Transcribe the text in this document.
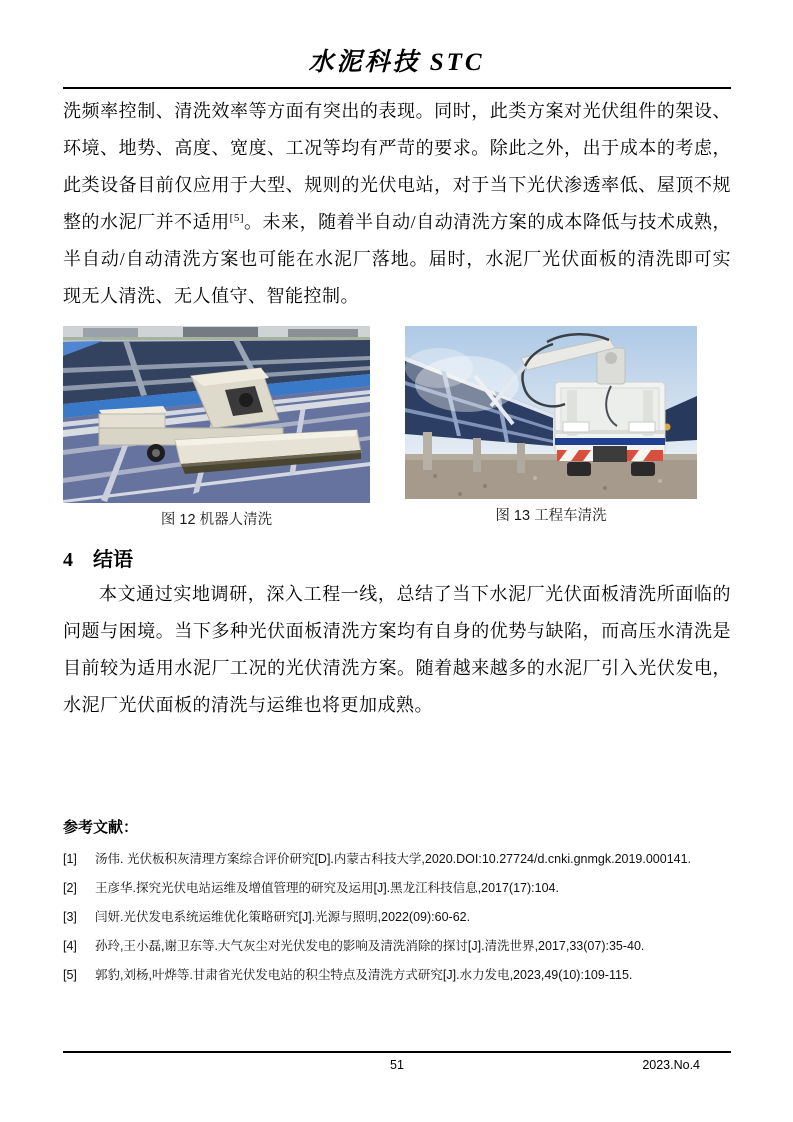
水泥科技 STC

洗频率控制、清洗效率等方面有突出的表现。同时，此类方案对光伏组件的架设、环境、地势、高度、宽度、工况等均有严苛的要求。除此之外，出于成本的考虑，此类设备目前仅应用于大型、规则的光伏电站，对于当下光伏渗透率低、屋顶不规整的水泥厂并不适用[5]。未来，随着半自动/自动清洗方案的成本降低与技术成熟，半自动/自动清洗方案也可能在水泥厂落地。届时，水泥厂光伏面板的清洗即可实现无人清洗、无人值守、智能控制。

图 12 机器人清洗	图 13 工程车清洗
4 结语

本文通过实地调研，深入工程一线，总结了当下水泥厂光伏面板清洗所面临的问题与困境。当下多种光伏面板清洗方案均有自身的优势与缺陷，而高压水清洗是目前较为适用水泥厂工况的光伏清洗方案。随着越来越多的水泥厂引入光伏发电，水泥厂光伏面板的清洗与运维也将更加成熟。

参考文献：
[1]	汤伟. 光伏板积灰清理方案综合评价研究[D].内蒙古科技大学,2020.DOI:10.27724/d.cnki.gnmgk.2019.000141.
[2]	王彦华.探究光伏电站运维及增值管理的研究及运用[J].黑龙江科技信息,2017(17):104.
[3]	闫妍.光伏发电系统运维优化策略研究[J].光源与照明,2022(09):60-62.
[4]	孙玲,王小磊,谢卫东等.大气灰尘对光伏发电的影响及清洗消除的探讨[J].清洗世界,2017,33(07):35-40.
[5]	郭豹,刘杨,叶烨等.甘肃省光伏发电站的积尘特点及清洗方式研究[J].水力发电,2023,49(10):109-115.
51	2023.No.4
